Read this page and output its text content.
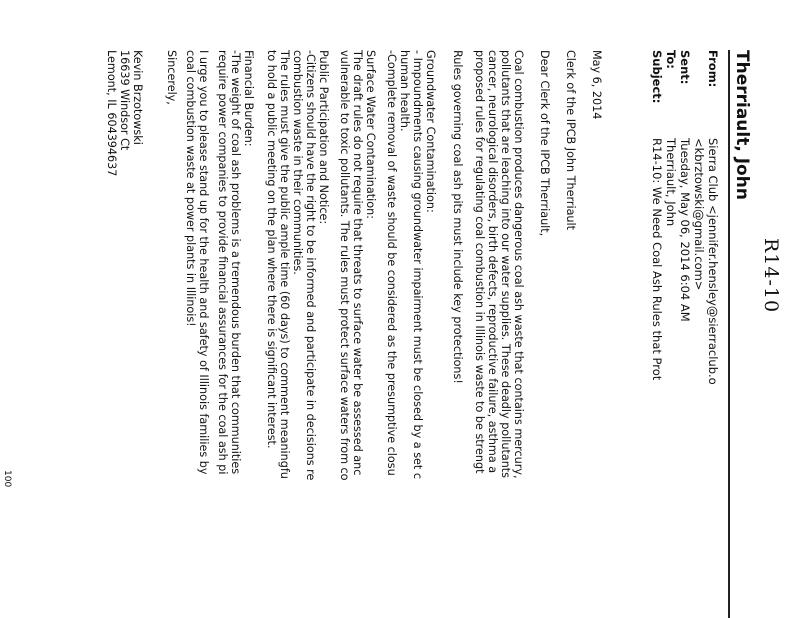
R14-10
Therriault, John
From:
Sierra Club <jennifer.hensley@sierraclub.o
<kbrztowski@gmail.com>
Sent:
Tuesday, May 06, 2014 6:04 AM
To:
Therriault, John
Subject:
R14-10: We Need Coal Ash Rules that Prot
May 6, 2014
Clerk of the IPCB John Therriault
Dear Clerk of the IPCB Therriault,
Coal combustion produces dangerous coal ash waste that contains mercury,
pollutants that are leaching into our water supplies. These deadly pollutants
cancer, neurological disorders, birth defects, reproductive failure, asthma a
proposed rules for regulating coal combustion in Illinois waste to be strengt
Rules governing coal ash pits must include key protections!
Groundwater Contamination:
- Impoundments causing groundwater impairment must be closed by a set c
human health.
-Complete removal of waste should be considered as the presumptive closu
Surface Water Contamination:
The draft rules do not require that threats to surface water be assessed anc
vulnerable to toxic pollutants. The rules must protect surface waters from co
Public Participation and Notice:
-Citizens should have the right to be informed and participate in decisions re
combustion waste in their communities.
The rules must give the public ample time (60 days) to comment meaningfu
to hold a public meeting on the plan where there is significant interest.
Financial Burden:
-The weight of coal ash problems is a tremendous burden that communities
require power companies to provide financial assurances for the coal ash pi
I urge you to please stand up for the health and safety of Illinois families by
coal combustion waste at power plants in Illinois!
Sincerely,
Kevin Brzotowski
16639 Windsor Ct
Lemont, IL 604394637
100
